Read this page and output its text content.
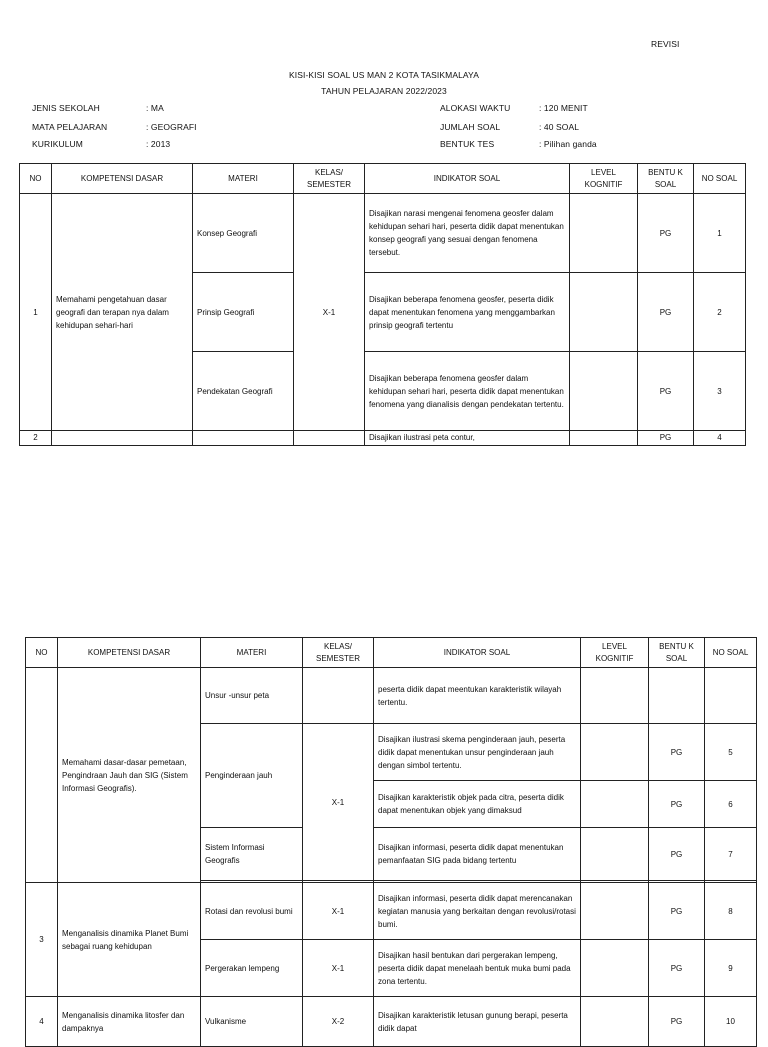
REVISI
KISI-KISI SOAL US MAN 2 KOTA TASIKMALAYA
TAHUN PELAJARAN 2022/2023
JENIS SEKOLAH	: MA
MATA PELAJARAN	: GEOGRAFI
KURIKULUM	: 2013
ALOKASI WAKTU	: 120 MENIT
JUMLAH SOAL	: 40 SOAL
BENTUK TES	: Pilihan ganda
NO	KOMPETENSI DASAR	MATERI	KELAS/ SEMESTER	INDIKATOR SOAL	LEVEL KOGNITIF	BENTU K SOAL	NO SOAL
1	Memahami pengetahuan dasar geografi dan terapan nya dalam kehidupan sehari-hari	Konsep Geografi	X-1	Disajikan narasi mengenai fenomena geosfer dalam kehidupan sehari hari, peserta didik dapat menentukan konsep geografi yang sesuai dengan fenomena tersebut.		PG	1
		Prinsip Geografi		Disajikan beberapa fenomena geosfer, peserta didik dapat menentukan fenomena yang menggambarkan prinsip geografi tertentu		PG	2
		Pendekatan Geografi		Disajikan beberapa fenomena geosfer dalam kehidupan sehari hari, peserta didik dapat menentukan fenomena yang dianalisis dengan pendekatan tertentu.		PG	3
2				Disajikan ilustrasi peta contur,		PG	4
NO	KOMPETENSI DASAR	MATERI	KELAS/ SEMESTER	INDIKATOR SOAL	LEVEL KOGNITIF	BENTU K SOAL	NO SOAL
	Memahami dasar-dasar pemetaan, Pengindraan Jauh dan SIG (Sistem Informasi Geografis).	Unsur -unsur peta		peserta didik dapat meentukan karakteristik wilayah tertentu.			
		Penginderaan jauh	X-1	Disajikan ilustrasi skema penginderaan jauh, peserta didik dapat menentukan unsur penginderaan jauh dengan simbol tertentu.		PG	5
				Disajikan karakteristik objek pada citra, peserta didik dapat menentukan objek yang dimaksud		PG	6
		Sistem Informasi Geografis		Disajikan informasi, peserta didik dapat menentukan pemanfaatan SIG pada bidang tertentu		PG	7

3	Menganalisis dinamika Planet Bumi sebagai ruang kehidupan	Rotasi dan revolusi bumi	X-1	Disajikan informasi, peserta didik dapat merencanakan kegiatan manusia yang berkaitan dengan revolusi/rotasi bumi.		PG	8
		Pergerakan lempeng	X-1	Disajikan hasil bentukan dari pergerakan lempeng, peserta didik dapat menelaah bentuk muka bumi pada zona tertentu.		PG	9
4	Menganalisis dinamika litosfer dan dampaknya	Vulkanisme	X-2	Disajikan karakteristik letusan gunung berapi, peserta didik dapat		PG	10
